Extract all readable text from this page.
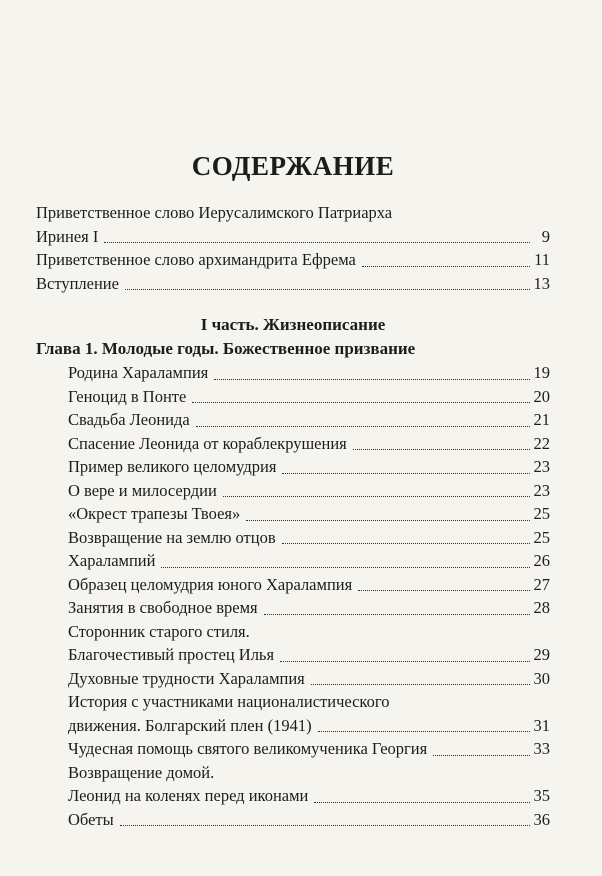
СОДЕРЖАНИЕ
Приветственное слово Иерусалимского Патриарха
Иринея I	9
Приветственное слово архимандрита Ефрема	11
Вступление	13
I часть. Жизнеописание
Глава 1. Молодые годы. Божественное призвание
Родина Харалампия	19
Геноцид в Понте	20
Свадьба Леонида	21
Спасение Леонида от кораблекрушения	22
Пример великого целомудрия	23
О вере и милосердии	23
«Окрест трапезы Твоея»	25
Возвращение на землю отцов	25
Харалампий	26
Образец целомудрия юного Харалампия	27
Занятия в свободное время	28
Сторонник старого стиля.
Благочестивый простец Илья	29
Духовные трудности Харалампия	30
История с участниками националистического
движения. Болгарский плен (1941)	31
Чудесная помощь святого великомученика Георгия	33
Возвращение домой.
Леонид на коленях перед иконами	35
Обеты	36
